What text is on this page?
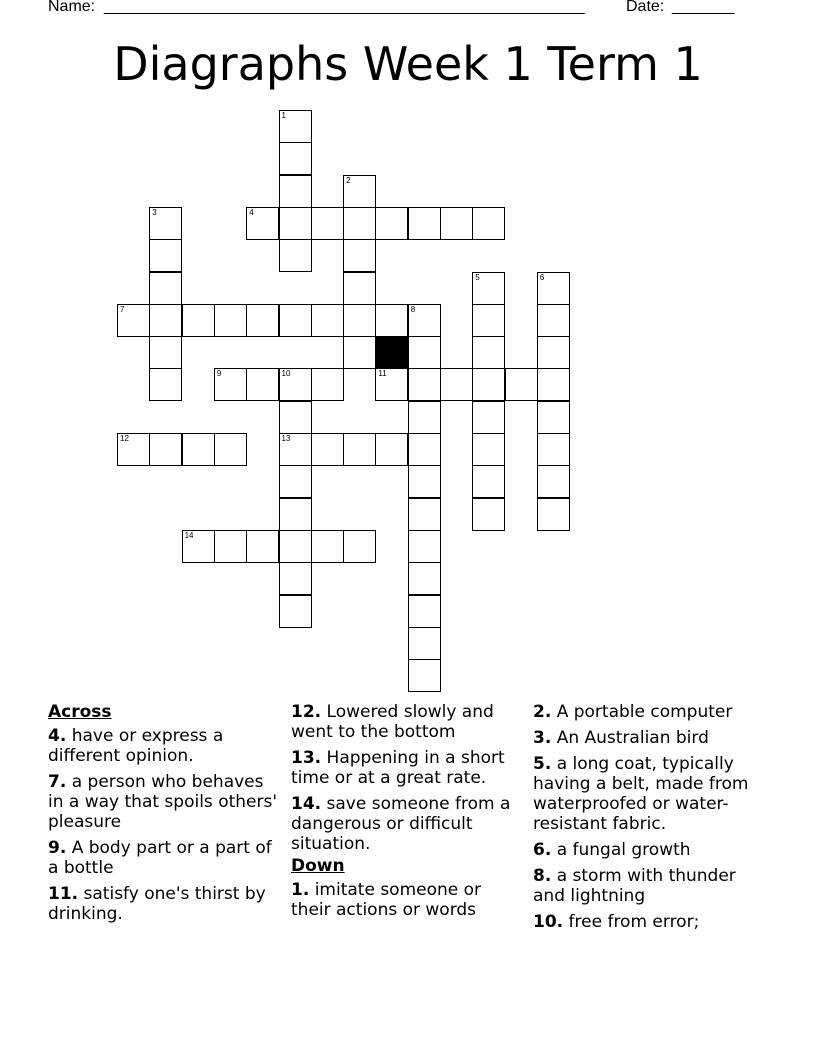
Name:

______________________________________________________

	Date:

_______

Diagraphs Week 1 Term 1
4
7
9	10	11
12	13
14
1
2
3
5	6
8
Across
4. have or express a different opinion.
7. a person who behaves in a way that spoils others' pleasure
9. A body part or a part of a bottle
11. satisfy one's thirst by drinking.
12. Lowered slowly and went to the bottom
13. Happening in a short time or at a great rate.
14. save someone from a dangerous or difficult situation.
Down
1. imitate someone or their actions or words
2. A portable computer
3. An Australian bird
5. a long coat, typically having a belt, made from waterproofed or water-resistant fabric.
6. a fungal growth
8. a storm with thunder and lightning
10. free from error;
